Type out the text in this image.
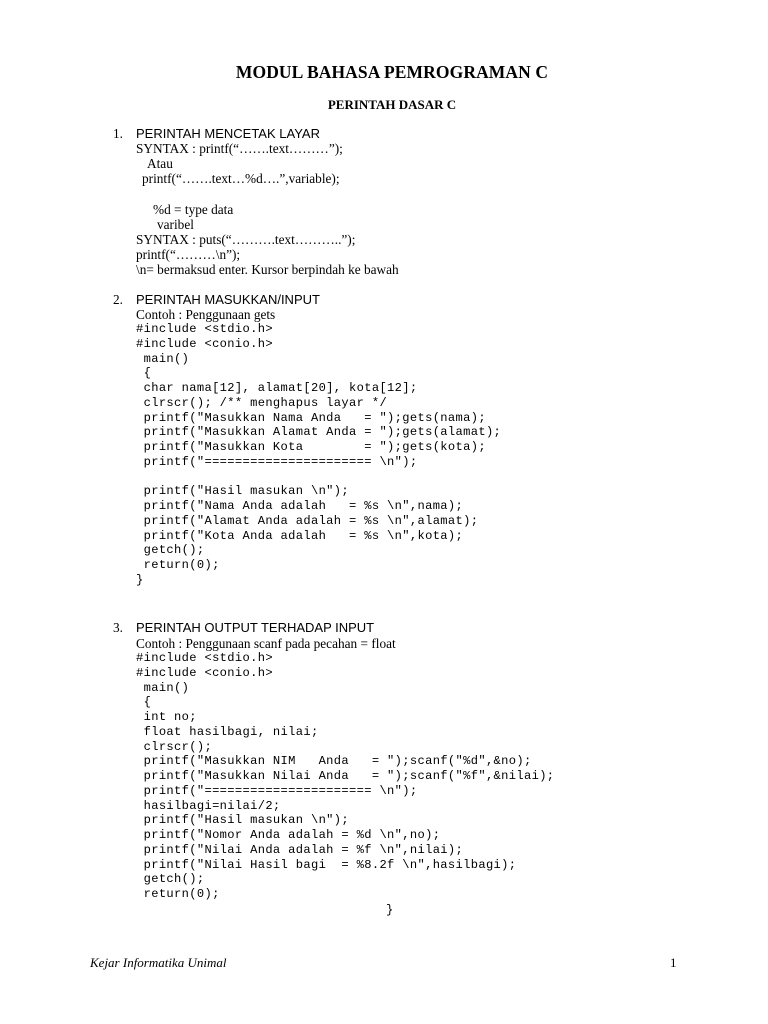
MODUL BAHASA PEMROGRAMAN C
PERINTAH DASAR C
1. PERINTAH MENCETAK LAYAR
SYNTAX : printf(“…….text………”);
Atau
printf(“…….text…%d….”,variable);
%d = type data
varibel
SYNTAX : puts(“……….text………..”);
printf(“………\n”);
\n= bermaksud enter. Kursor berpindah ke bawah
2. PERINTAH MASUKKAN/INPUT
Contoh : Penggunaan gets
#include <stdio.h>
#include <conio.h>
main()
{
char nama[12], alamat[20], kota[12];
clrscr(); /** menghapus layar */
printf("Masukkan Nama Anda   = ");gets(nama);
printf("Masukkan Alamat Anda = ");gets(alamat);
printf("Masukkan Kota        = ");gets(kota);
printf("====================== \n");
printf("Hasil masukan \n");
printf("Nama Anda adalah   = %s \n",nama);
printf("Alamat Anda adalah = %s \n",alamat);
printf("Kota Anda adalah   = %s \n",kota);
getch();
return(0);
}
3. PERINTAH OUTPUT TERHADAP INPUT
Contoh : Penggunaan scanf pada pecahan = float
#include <stdio.h>
#include <conio.h>
main()
{
int no;
float hasilbagi, nilai;
clrscr();
printf("Masukkan NIM   Anda   = ");scanf("%d",&no);
printf("Masukkan Nilai Anda   = ");scanf("%f",&nilai);
printf("====================== \n");
hasilbagi=nilai/2;
printf("Hasil masukan \n");
printf("Nomor Anda adalah = %d \n",no);
printf("Nilai Anda adalah = %f \n",nilai);
printf("Nilai Hasil bagi  = %8.2f \n",hasilbagi);
getch();
return(0);
}
Kejar Informatika Unimal	1
